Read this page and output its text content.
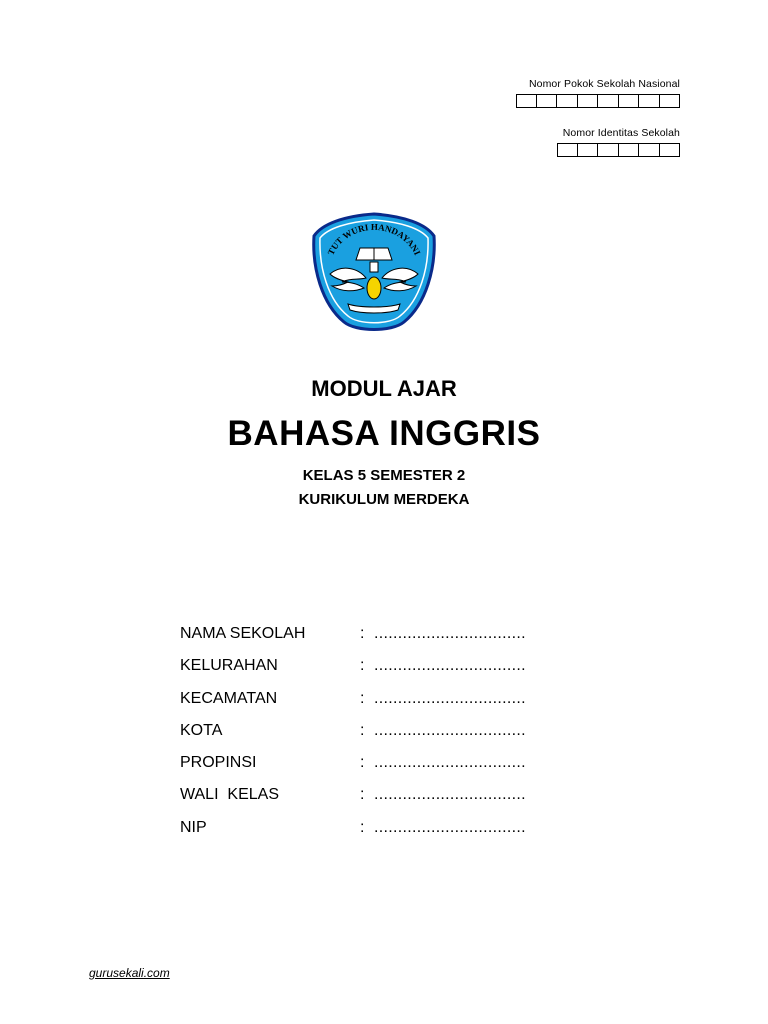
Nomor Pokok Sekolah Nasional
Nomor Identitas Sekolah
TUT WURI HANDAYANI
MODUL AJAR
BAHASA INGGRIS
KELAS 5 SEMESTER 2
KURIKULUM MERDEKA
NAMA SEKOLAH	: ................................
KELURAHAN	: ................................
KECAMATAN	: ................................
KOTA	: ................................
PROPINSI	: ................................
WALI  KELAS	: ................................
NIP	: ................................
gurusekali.com
